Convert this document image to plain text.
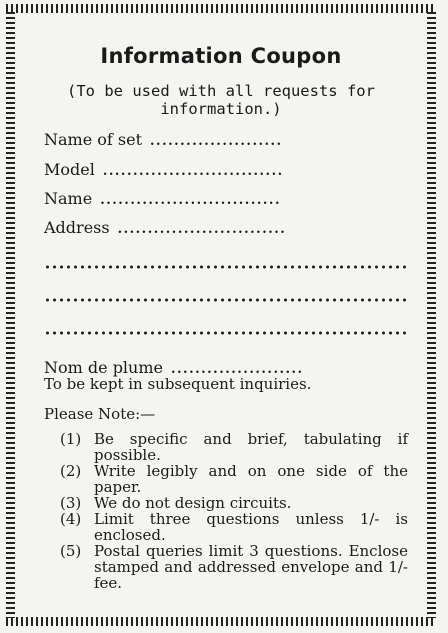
Information Coupon
(To be used with all requests for
information.)
Name of set ......................
Model ..............................
Name ..............................
Address ............................
Nom de plume ......................
To be kept in subsequent inquiries.
Please Note:—
(1) Be specific and brief, tabulating if possible.
(2) Write legibly and on one side of the paper.
(3) We do not design circuits.
(4) Limit three questions unless 1/- is enclosed.
(5) Postal queries limit 3 questions. Enclose stamped and addressed envelope and 1/- fee.
